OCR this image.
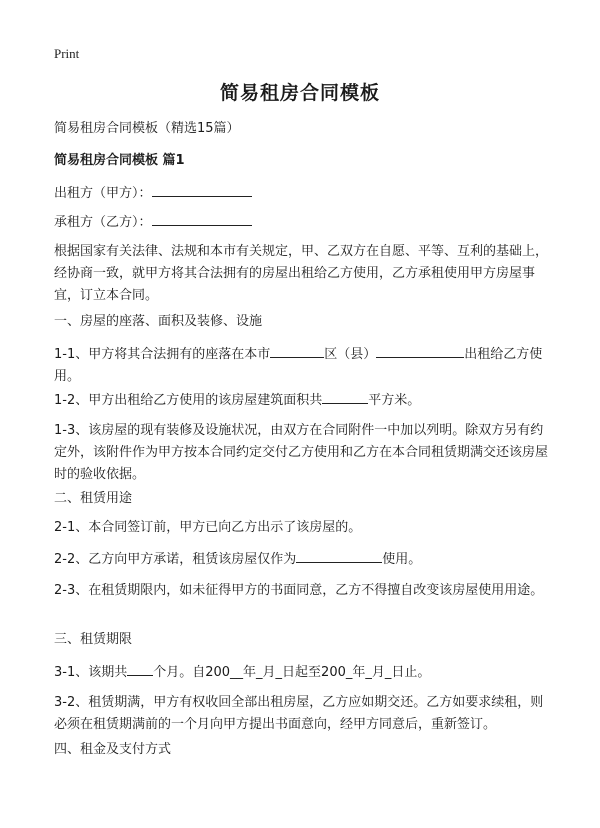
Print
简易租房合同模板

简易租房合同模板（精选15篇）

简易租房合同模板 篇1

出租方（甲方）：

承租方（乙方）：

根据国家有关法律、法规和本市有关规定，甲、乙双方在自愿、平等、互利的基础上，经协商一致，就甲方将其合法拥有的房屋出租给乙方使用，乙方承租使用甲方房屋事宜，订立本合同。

一、房屋的座落、面积及装修、设施

1-1、甲方将其合法拥有的座落在本市	区（县）	出租给乙方使用。

1-2、甲方出租给乙方使用的该房屋建筑面积共	平方米。

1-3、该房屋的现有装修及设施状况，由双方在合同附件一中加以列明。除双方另有约定外，该附件作为甲方按本合同约定交付乙方使用和乙方在本合同租赁期满交还该房屋时的验收依据。

二、租赁用途

2-1、本合同签订前，甲方已向乙方出示了该房屋的。

2-2、乙方向甲方承诺，租赁该房屋仅作为	使用。

2-3、在租赁期限内，如未征得甲方的书面同意，乙方不得擅自改变该房屋使用用途。

三、租赁期限

3-1、该期共 个月。自200__年_月_日起至200_年_月_日止。

3-2、租赁期满，甲方有权收回全部出租房屋，乙方应如期交还。乙方如要求续租，则必须在租赁期满前的一个月向甲方提出书面意向，经甲方同意后，重新签订。

四、租金及支付方式
